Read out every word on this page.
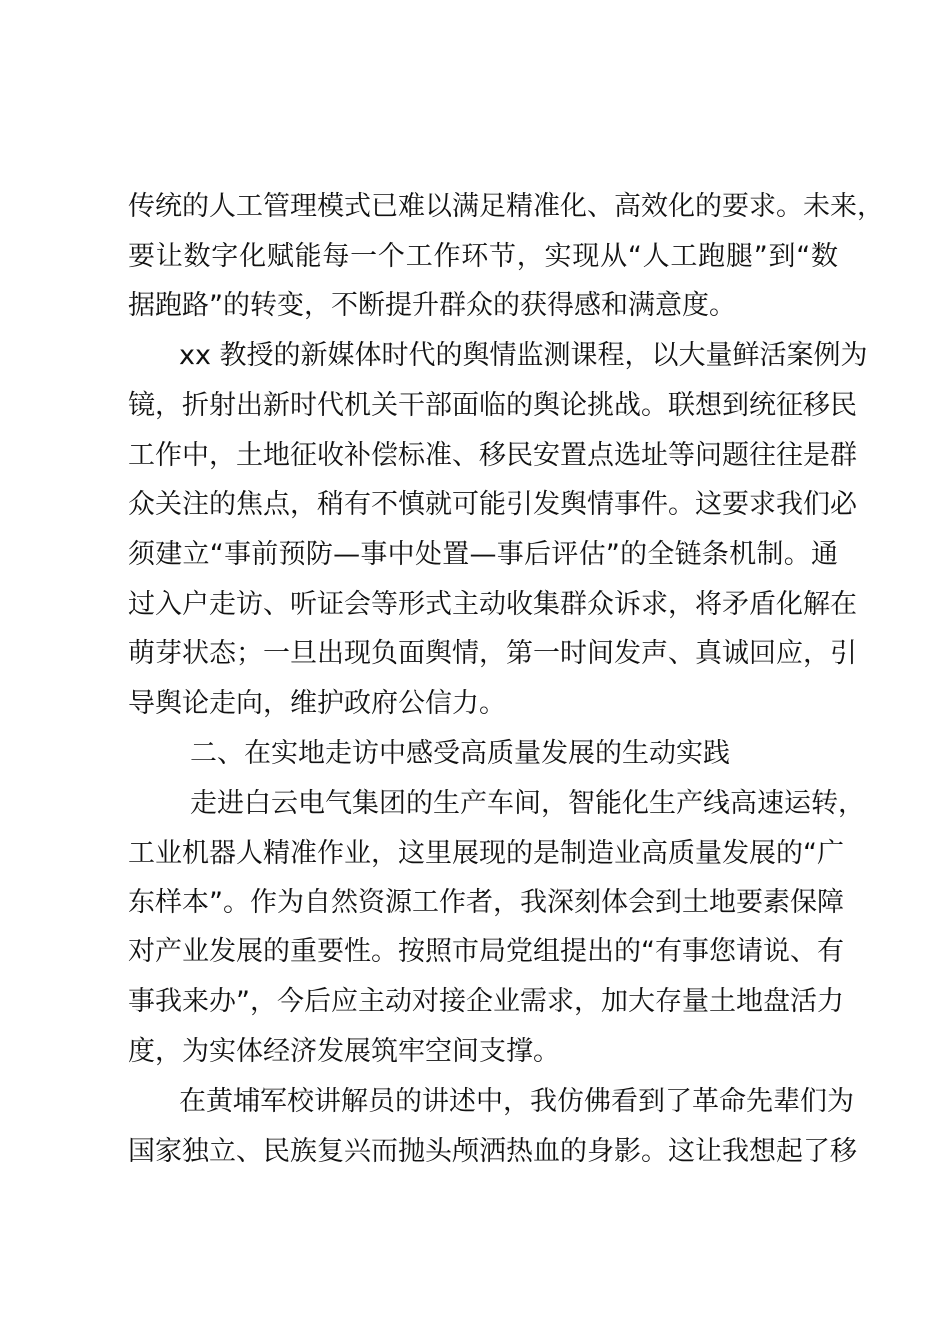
传统的人工管理模式已难以满足精准化、高效化的要求。未来，
要让数字化赋能每一个工作环节，实现从“人工跑腿”到“数
据跑路”的转变，不断提升群众的获得感和满意度。
xx 教授的新媒体时代的舆情监测课程，以大量鲜活案例为
镜，折射出新时代机关干部面临的舆论挑战。联想到统征移民
工作中，土地征收补偿标准、移民安置点选址等问题往往是群
众关注的焦点，稍有不慎就可能引发舆情事件。这要求我们必
须建立“事前预防—事中处置—事后评估”的全链条机制。通
过入户走访、听证会等形式主动收集群众诉求，将矛盾化解在
萌芽状态；一旦出现负面舆情，第一时间发声、真诚回应，引
导舆论走向，维护政府公信力。
二、在实地走访中感受高质量发展的生动实践
走进白云电气集团的生产车间，智能化生产线高速运转，
工业机器人精准作业，这里展现的是制造业高质量发展的“广
东样本”。作为自然资源工作者，我深刻体会到土地要素保障
对产业发展的重要性。按照市局党组提出的“有事您请说、有
事我来办”，今后应主动对接企业需求，加大存量土地盘活力
度，为实体经济发展筑牢空间支撑。
在黄埔军校讲解员的讲述中，我仿佛看到了革命先辈们为
国家独立、民族复兴而抛头颅洒热血的身影。这让我想起了移
